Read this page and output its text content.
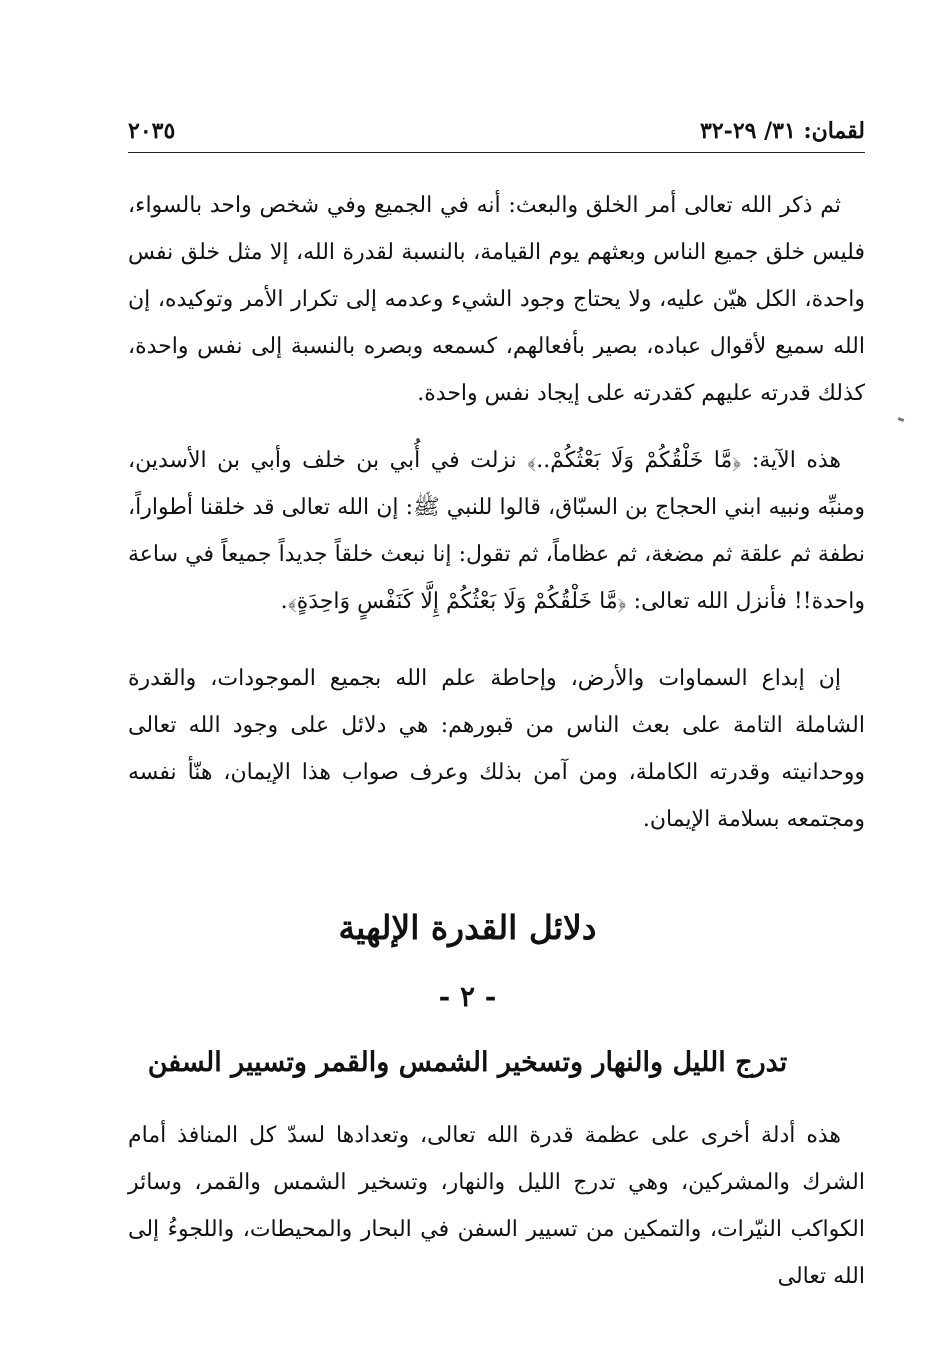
لقمان: ٣١/ ٢٩-٣٢
٢٠٣٥

ثم ذكر الله تعالى أمر الخلق والبعث: أنه في الجميع وفي شخص واحد بالسواء، فليس خلق جميع الناس وبعثهم يوم القيامة، بالنسبة لقدرة الله، إلا مثل خلق نفس واحدة، الكل هيّن عليه، ولا يحتاج وجود الشيء وعدمه إلى تكرار الأمر وتوكيده، إن الله سميع لأقوال عباده، بصير بأفعالهم، كسمعه وبصره بالنسبة إلى نفس واحدة، كذلك قدرته عليهم كقدرته على إيجاد نفس واحدة.

هذه الآية: ﴿مَّا خَلْقُكُمْ وَلَا بَعْثُكُمْ..﴾ نزلت في أُبي بن خلف وأبي بن الأسدين، ومنبِّه ونبيه ابني الحجاج بن السبّاق، قالوا للنبي ﷺ: إن الله تعالى قد خلقنا أطواراً، نطفة ثم علقة ثم مضغة، ثم عظاماً، ثم تقول: إنا نبعث خلقاً جديداً جميعاً في ساعة واحدة!! فأنزل الله تعالى: ﴿مَّا خَلْقُكُمْ وَلَا بَعْثُكُمْ إِلَّا كَنَفْسٍ وَاحِدَةٍ﴾.

إن إبداع السماوات والأرض، وإحاطة علم الله بجميع الموجودات، والقدرة الشاملة التامة على بعث الناس من قبورهم: هي دلائل على وجود الله تعالى ووحدانيته وقدرته الكاملة، ومن آمن بذلك وعرف صواب هذا الإيمان، هنّأ نفسه ومجتمعه بسلامة الإيمان.

دلائل القدرة الإلهية
- ٢ -
تدرج الليل والنهار وتسخير الشمس والقمر وتسيير السفن

هذه أدلة أخرى على عظمة قدرة الله تعالى، وتعدادها لسدّ كل المنافذ أمام الشرك والمشركين، وهي تدرج الليل والنهار، وتسخير الشمس والقمر، وسائر الكواكب النيّرات، والتمكين من تسيير السفن في البحار والمحيطات، واللجوءُ إلى الله تعالى
